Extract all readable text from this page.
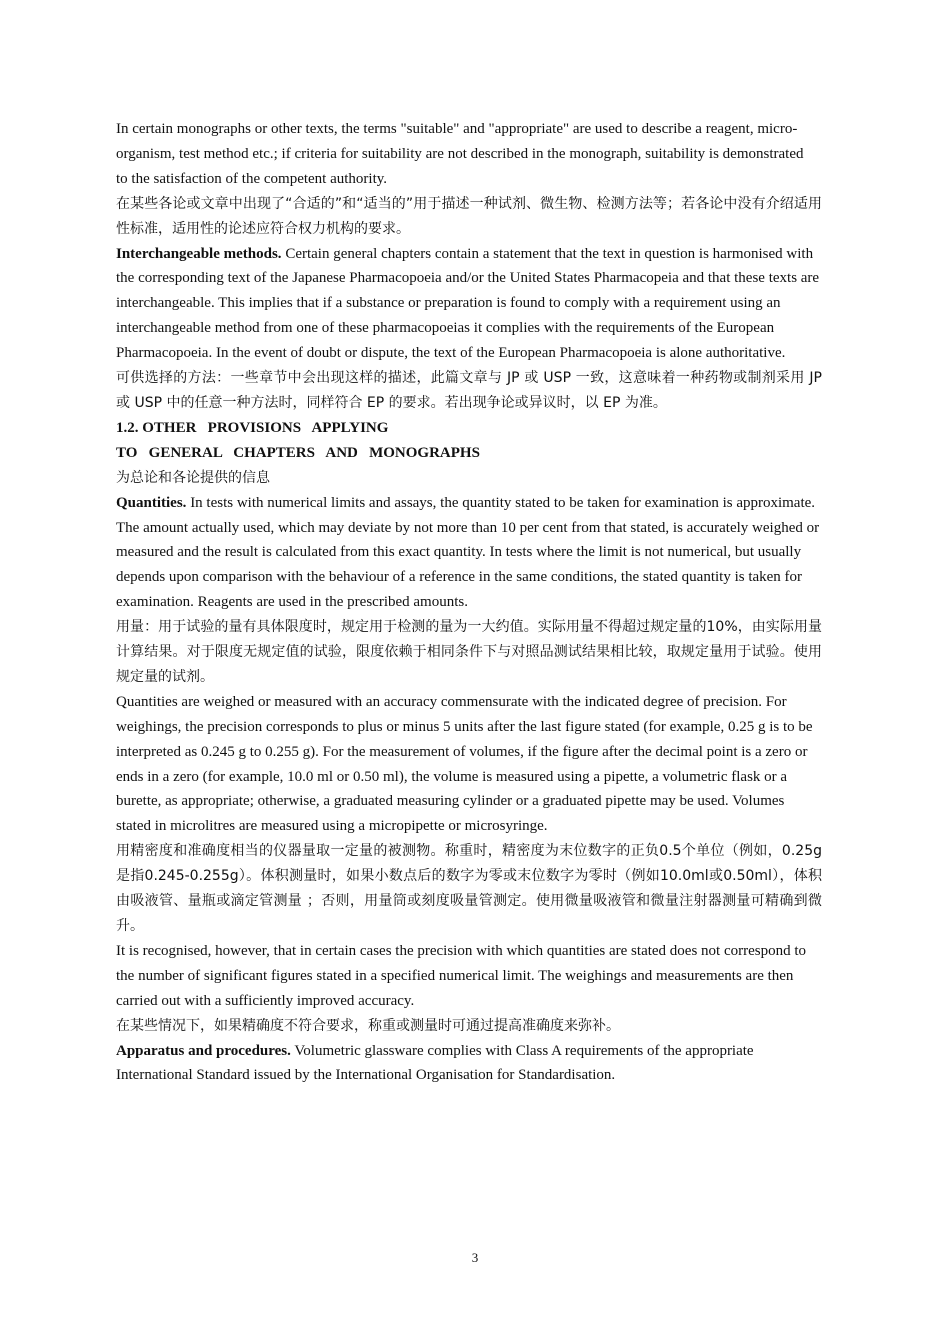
In certain monographs or other texts, the terms "suitable" and "appropriate" are used to describe a reagent, micro-organism, test method etc.; if criteria for suitability are not described in the monograph, suitability is demonstrated

to the satisfaction of the competent authority.

在某些各论或文章中出现了“合适的”和“适当的”用于描述一种试剂、微生物、检测方法等；若各论中没有介绍适用性标准，适用性的论述应符合权力机构的要求。

Interchangeable methods. Certain general chapters contain a statement that the text in question is harmonised with the corresponding text of the Japanese Pharmacopoeia and/or the United States Pharmacopeia and that these texts are interchangeable. This implies that if a substance or preparation is found to comply with a requirement using an interchangeable method from one of these pharmacopoeias it complies with the requirements of the European Pharmacopoeia. In the event of doubt or dispute, the text of the European Pharmacopoeia is alone authoritative.

可供选择的方法：一些章节中会出现这样的描述，此篇文章与 JP 或 USP 一致，这意味着一种药物或制剂采用 JP 或 USP 中的任意一种方法时，同样符合 EP 的要求。若出现争论或异议时，以 EP 为准。

1.2. OTHER   PROVISIONS   APPLYING

TO   GENERAL   CHAPTERS   AND   MONOGRAPHS

为总论和各论提供的信息

Quantities. In tests with numerical limits and assays, the quantity stated to be taken for examination is approximate. The amount actually used, which may deviate by not more than 10 per cent from that stated, is accurately weighed or measured and the result is calculated from this exact quantity. In tests where the limit is not numerical, but usually depends upon comparison with the behaviour of a reference in the same conditions, the stated quantity is taken for examination. Reagents are used in the prescribed amounts.

用量：用于试验的量有具体限度时，规定用于检测的量为一大约值。实际用量不得超过规定量的10%，由实际用量计算结果。对于限度无规定值的试验，限度依赖于相同条件下与对照品测试结果相比较，取规定量用于试验。使用规定量的试剂。

Quantities are weighed or measured with an accuracy commensurate with the indicated degree of precision. For weighings, the precision corresponds to plus or minus 5 units after the last figure stated (for example, 0.25 g is to be interpreted as 0.245 g to 0.255 g). For the measurement of volumes, if the figure after the decimal point is a zero or ends in a zero (for example, 10.0 ml or 0.50 ml), the volume is measured using a pipette, a volumetric flask or a burette, as appropriate; otherwise, a graduated measuring cylinder or a graduated pipette may be used. Volumes stated in microlitres are measured using a micropipette or microsyringe.

用精密度和准确度相当的仪器量取一定量的被测物。称重时，精密度为末位数字的正负0.5个单位（例如，0.25g是指0.245-0.255g）。体积测量时，如果小数点后的数字为零或末位数字为零时（例如10.0ml或0.50ml），体积由吸液管、量瓶或滴定管测量 ；否则，用量筒或刻度吸量管测定。使用微量吸液管和微量注射器测量可精确到微升。

It is recognised, however, that in certain cases the precision with which quantities are stated does not correspond to the number of significant figures stated in a specified numerical limit. The weighings and measurements are then carried out with a sufficiently improved accuracy.

在某些情况下，如果精确度不符合要求，称重或测量时可通过提高准确度来弥补。

Apparatus and procedures. Volumetric glassware complies with Class A requirements of the appropriate International Standard issued by the International Organisation for Standardisation.

3
